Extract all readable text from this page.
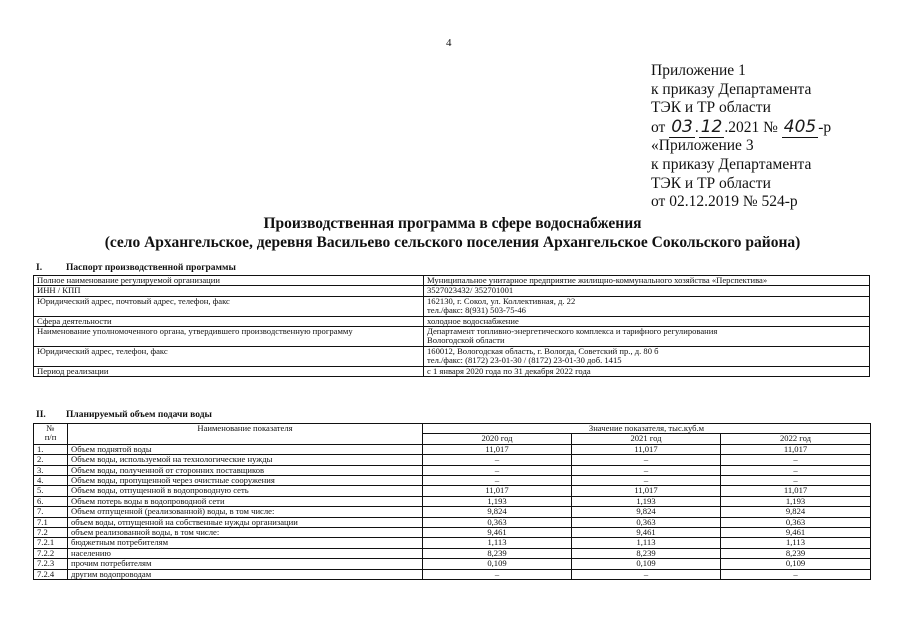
4
Приложение 1
к приказу Департамента
ТЭК и ТР области
от 03 . 12 .2021 № 405 -р
«Приложение 3
к приказу Департамента
ТЭК и ТР области
от 02.12.2019 № 524-р
Производственная программа в сфере водоснабжения
(село Архангельское, деревня Васильево сельского поселения Архангельское Сокольского района)
I.	Паспорт производственной программы
Полное наименование регулируемой организации	Муниципальное унитарное предприятие жилищно-коммунального хозяйства «Перспектива»

ИНН / КПП	3527023432/ 352701001

Юридический адрес, почтовый адрес, телефон, факс	162130, г. Сокол, ул. Коллективная, д. 22
тел./факс: 8(931) 503-75-46

Сфера деятельности	холодное водоснабжение

Наименование уполномоченного органа, утвердившего производственную программу	Департамент топливно-энергетического комплекса и тарифного регулирования
Вологодской области

Юридический адрес, телефон, факс	160012, Вологодская область, г. Вологда, Советский пр., д. 80 б
тел./факс: (8172) 23-01-30 / (8172) 23-01-30 доб. 1415

Период реализации	с 1 января 2020 года по 31 декабря 2022 года
II. Планируемый объем подачи воды
№
п/п	Наименование показателя	Значение показателя, тыс.куб.м		
		2020 год	2021 год	2022 год
1.	Объем поднятой воды	11,017	11,017	11,017
2.	Объем воды, используемой на технологические нужды	–	–	–
3.	Объем воды, полученной от сторонних поставщиков	–	–	–
4.	Объем воды, пропущенной через очистные сооружения	–	–	–
5.	Объем воды, отпущенной в водопроводную сеть	11,017	11,017	11,017
6.	Объем потерь воды в водопроводной сети	1,193	1,193	1,193
7.	Объем отпущенной (реализованной) воды, в том числе:	9,824	9,824	9,824
7.1	объем воды, отпущенной на собственные нужды организации	0,363	0,363	0,363
7.2	объем реализованной воды, в том числе:	9,461	9,461	9,461
7.2.1	бюджетным потребителям	1,113	1,113	1,113
7.2.2	населению	8,239	8,239	8,239
7.2.3	прочим потребителям	0,109	0,109	0,109
7.2.4	другим водопроводам	–	–	–
